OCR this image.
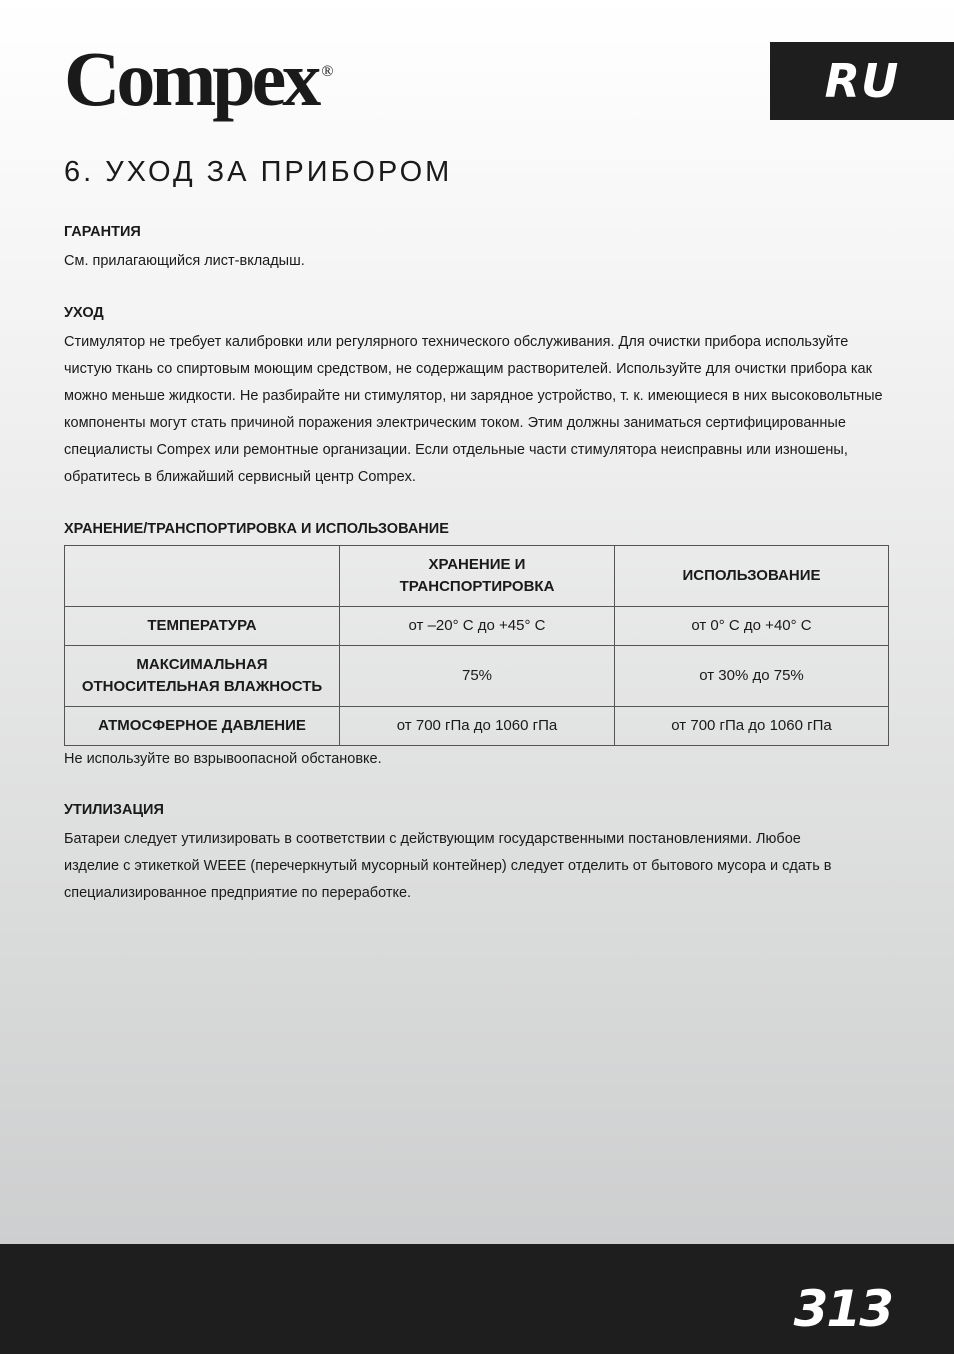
Compex ®	RU
6. УХОД ЗА ПРИБОРОМ
ГАРАНТИЯ

См. прилагающийся лист-вкладыш.

УХОД

Стимулятор не требует калибровки или регулярного технического обслуживания. Для очистки прибора используйте чистую ткань со спиртовым моющим средством, не содержащим растворителей. Используйте для очистки прибора как можно меньше жидкости. Не разбирайте ни стимулятор, ни зарядное устройство, т. к. имеющиеся в них высоковольтные компоненты могут стать причиной поражения электрическим током. Этим должны заниматься сертифицированные специалисты Compex или ремонтные организации. Если отдельные части стимулятора неисправны или изношены, обратитесь в ближайший сервисный центр Compex.

ХРАНЕНИЕ/ТРАНСПОРТИРОВКА И ИСПОЛЬЗОВАНИЕ
	ХРАНЕНИЕ И ТРАНСПОРТИРОВКА	ИСПОЛЬЗОВАНИЕ
ТЕМПЕРАТУРА	от –20° C до +45° C	от 0° C до +40° C
МАКСИМАЛЬНАЯ ОТНОСИТЕЛЬНАЯ ВЛАЖНОСТЬ	75%	от 30% до 75%
АТМОСФЕРНОЕ ДАВЛЕНИЕ	от 700 гПа до 1060 гПа	от 700 гПа до 1060 гПа

Не используйте во взрывоопасной обстановке.

УТИЛИЗАЦИЯ

Батареи следует утилизировать в соответствии с действующим государственными постановлениями. Любое изделие с этикеткой WEEE (перечеркнутый мусорный контейнер) следует отделить от бытового мусора и сдать в специализированное предприятие по переработке.

313
